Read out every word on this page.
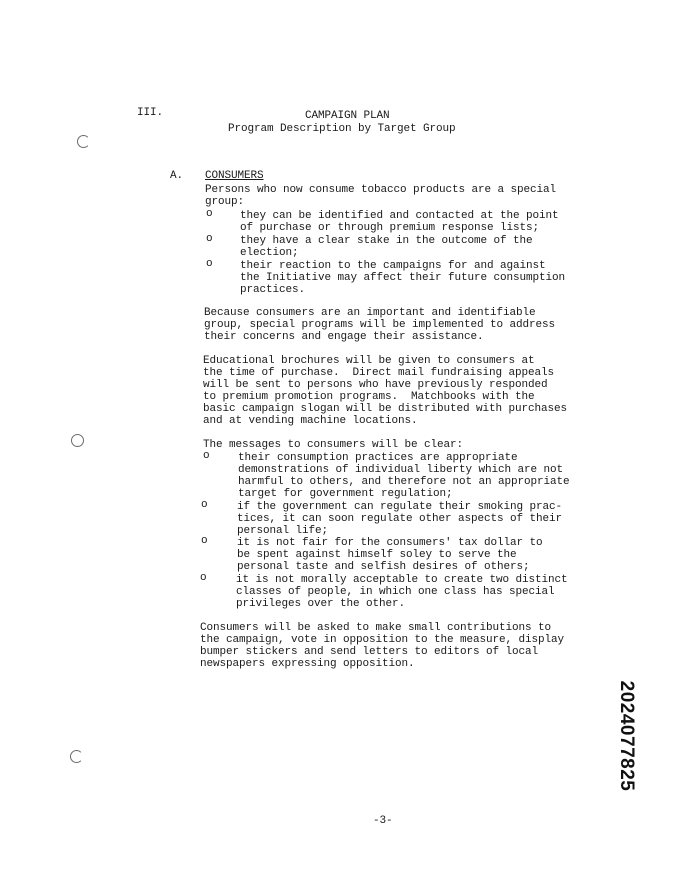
III.	CAMPAIGN PLAN
Program Description by Target Group
A. CONSUMERS
Persons who now consume tobacco products are a special
group:
o they can be identified and contacted at the point
of purchase or through premium response lists;
o they have a clear stake in the outcome of the
election;
o their reaction to the campaigns for and against
the Initiative may affect their future consumption
practices.
Because consumers are an important and identifiable
group, special programs will be implemented to address
their concerns and engage their assistance.
Educational brochures will be given to consumers at
the time of purchase.  Direct mail fundraising appeals
will be sent to persons who have previously responded
to premium promotion programs.  Matchbooks with the
basic campaign slogan will be distributed with purchases
and at vending machine locations.
The messages to consumers will be clear:
o	their consumption practices are appropriate
demonstrations of individual liberty which are not
harmful to others, and therefore not an appropriate
target for government regulation;
o	if the government can regulate their smoking prac-
tices, it can soon regulate other aspects of their
personal life;
o	it is not fair for the consumers' tax dollar to
be spent against himself soley to serve the
personal taste and selfish desires of others;
o	it is not morally acceptable to create two distinct
classes of people, in which one class has special
privileges over the other.
Consumers will be asked to make small contributions to
the campaign, vote in opposition to the measure, display
bumper stickers and send letters to editors of local
newspapers expressing opposition.
-3-
2024077825
